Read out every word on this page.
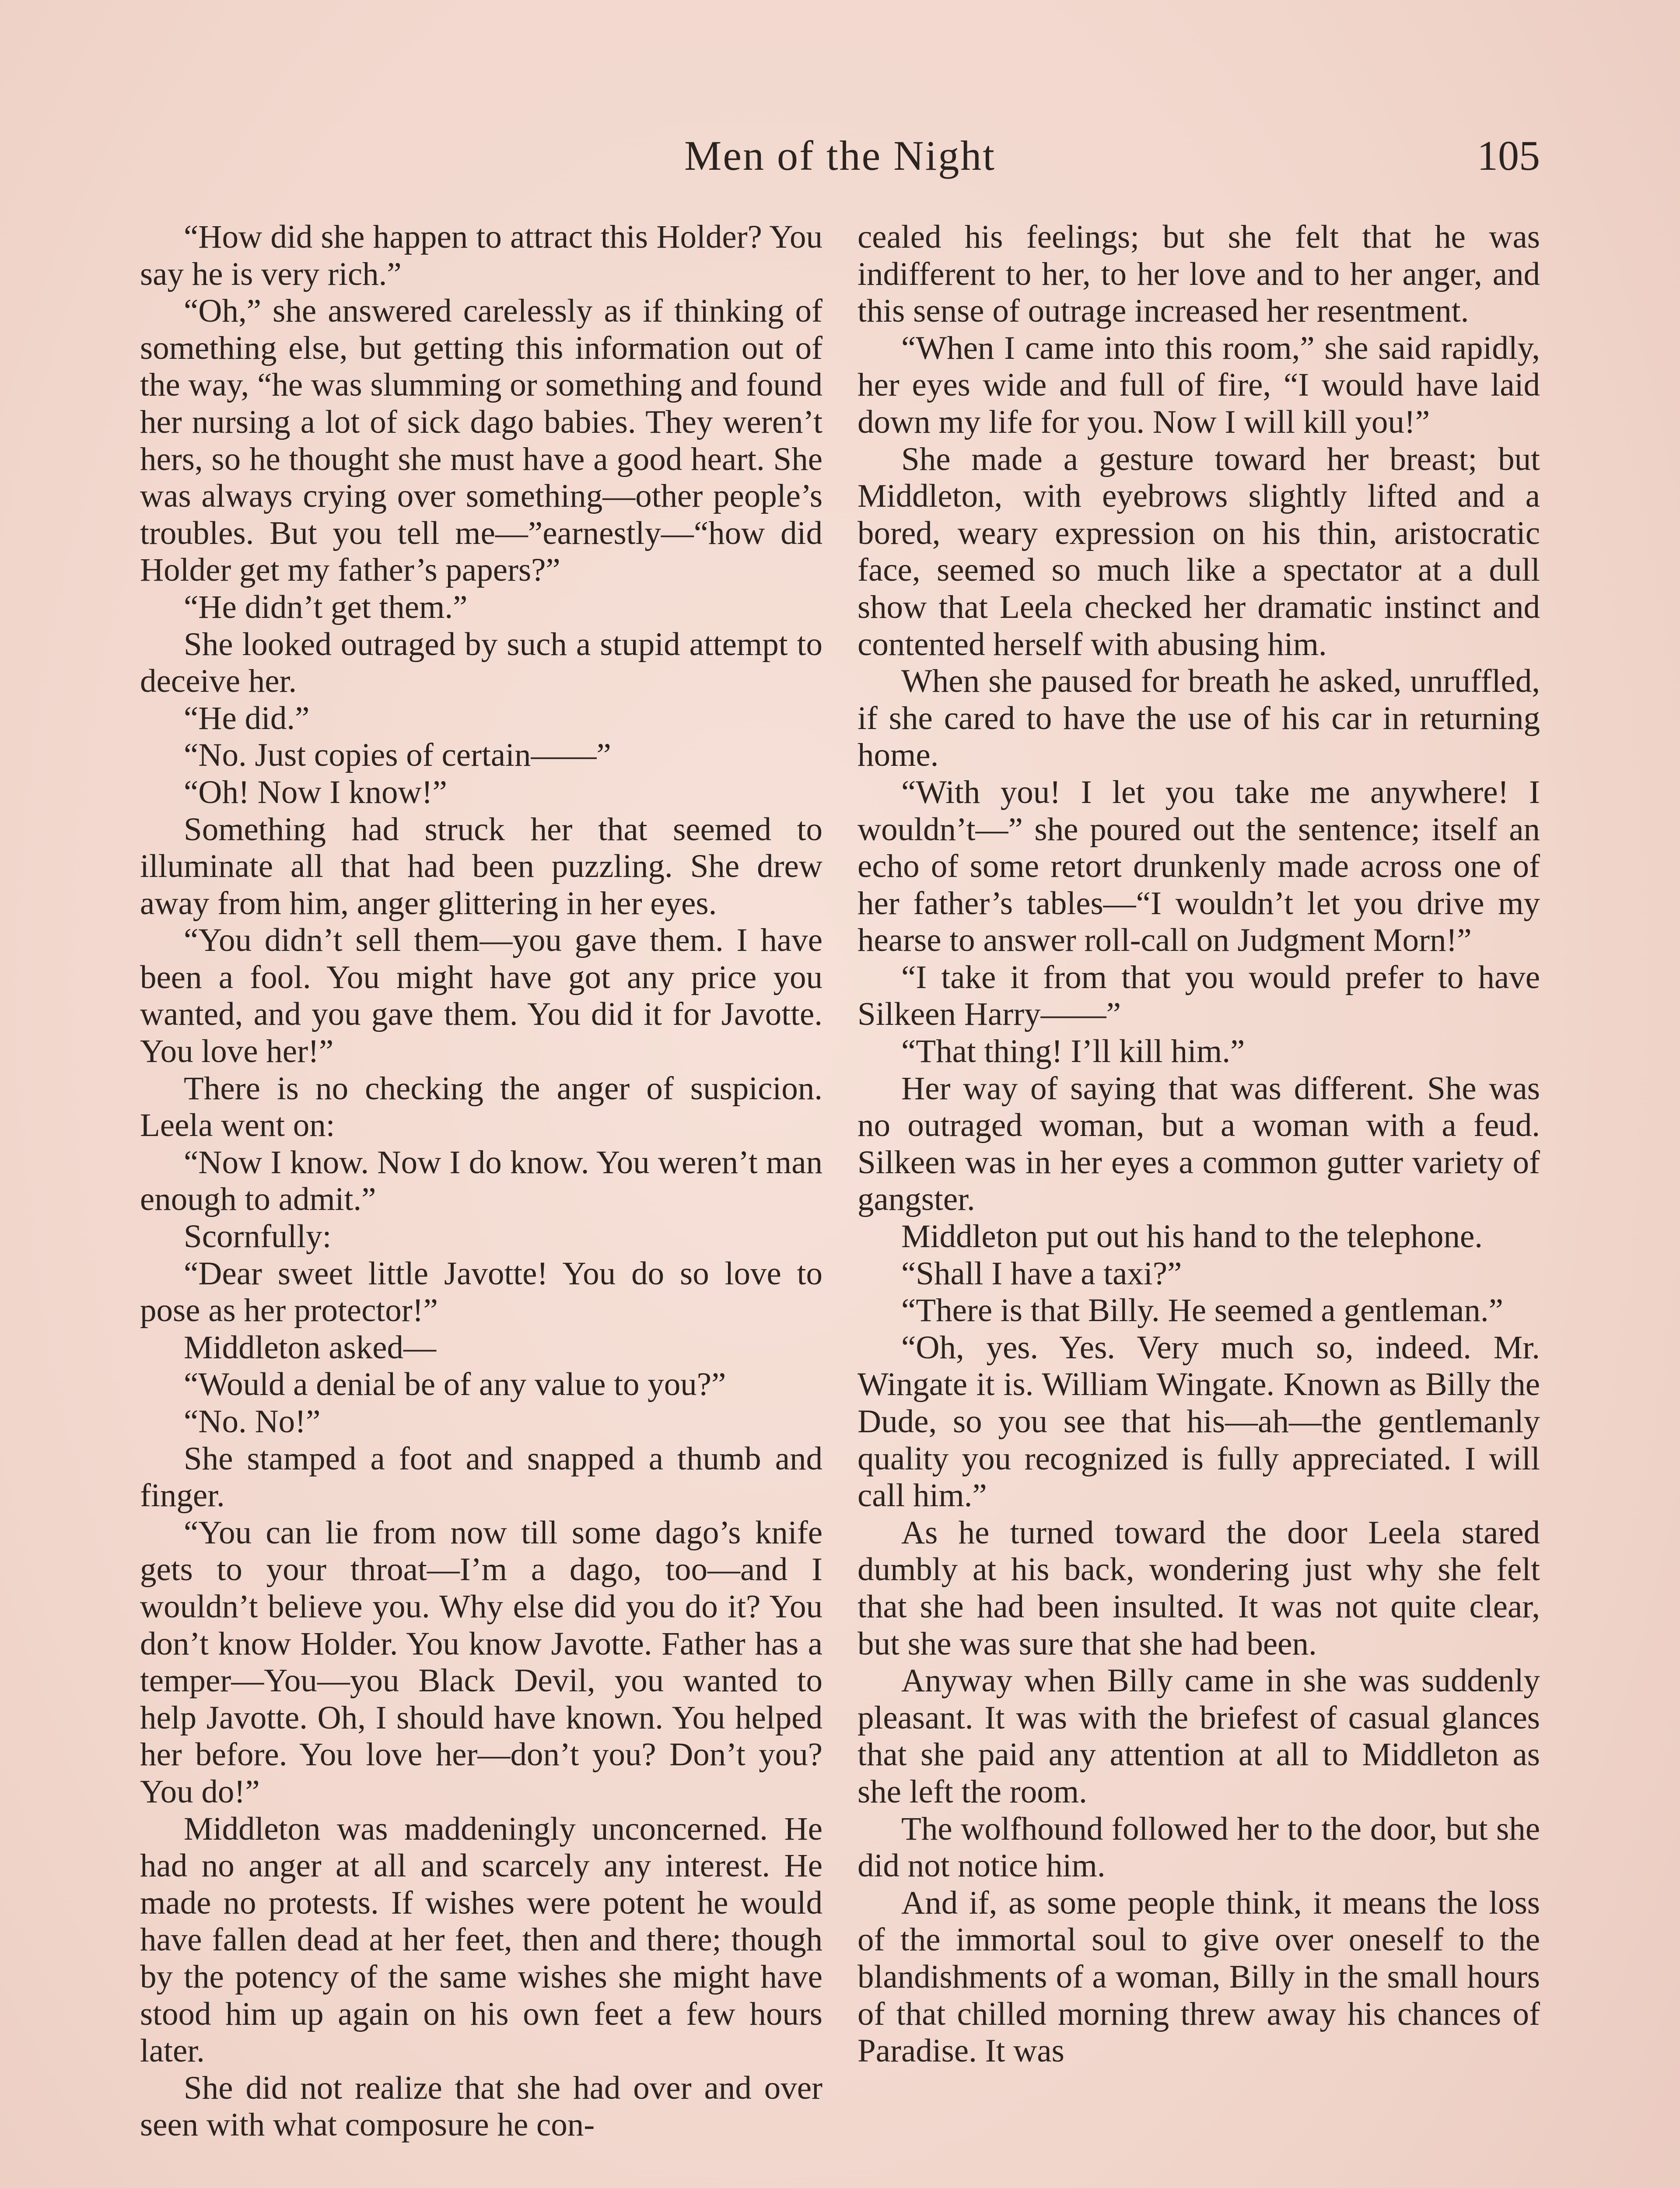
Men of the Night	105

“How did she happen to attract this Holder? You say he is very rich.”

“Oh,” she answered carelessly as if thinking of something else, but getting this information out of the way, “he was slumming or something and found her nursing a lot of sick dago babies. They weren’t hers, so he thought she must have a good heart. She was always crying over something—other people’s troubles. But you tell me—”earnestly—“how did Holder get my father’s papers?”

“He didn’t get them.”

She looked outraged by such a stupid attempt to deceive her.

“He did.”

“No. Just copies of certain——”

“Oh! Now I know!”

Something had struck her that seemed to illuminate all that had been puzzling. She drew away from him, anger glittering in her eyes.

“You didn’t sell them—you gave them. I have been a fool. You might have got any price you wanted, and you gave them. You did it for Javotte. You love her!”

There is no checking the anger of suspicion. Leela went on:

“Now I know. Now I do know. You weren’t man enough to admit.”

Scornfully:

“Dear sweet little Javotte! You do so love to pose as her protector!”

Middleton asked—

“Would a denial be of any value to you?”

“No. No!”

She stamped a foot and snapped a thumb and finger.

“You can lie from now till some dago’s knife gets to your throat—I’m a dago, too—and I wouldn’t believe you. Why else did you do it? You don’t know Holder. You know Javotte. Father has a temper—You—you Black Devil, you wanted to help Javotte. Oh, I should have known. You helped her before. You love her—don’t you? Don’t you? You do!”

Middleton was maddeningly unconcerned. He had no anger at all and scarcely any interest. He made no protests. If wishes were potent he would have fallen dead at her feet, then and there; though by the potency of the same wishes she might have stood him up again on his own feet a few hours later.

She did not realize that she had over and over seen with what composure he con-

cealed his feelings; but she felt that he was indifferent to her, to her love and to her anger, and this sense of outrage increased her resentment.

“When I came into this room,” she said rapidly, her eyes wide and full of fire, “I would have laid down my life for you. Now I will kill you!”

She made a gesture toward her breast; but Middleton, with eyebrows slightly lifted and a bored, weary expression on his thin, aristocratic face, seemed so much like a spectator at a dull show that Leela checked her dramatic instinct and contented herself with abusing him.

When she paused for breath he asked, unruffled, if she cared to have the use of his car in returning home.

“With you! I let you take me anywhere! I wouldn’t—” she poured out the sentence; itself an echo of some retort drunkenly made across one of her father’s tables—“I wouldn’t let you drive my hearse to answer roll-call on Judgment Morn!”

“I take it from that you would prefer to have Silkeen Harry——”

“That thing! I’ll kill him.”

Her way of saying that was different. She was no outraged woman, but a woman with a feud. Silkeen was in her eyes a common gutter variety of gangster.

Middleton put out his hand to the telephone.

“Shall I have a taxi?”

“There is that Billy. He seemed a gentleman.”

“Oh, yes. Yes. Very much so, indeed. Mr. Wingate it is. William Wingate. Known as Billy the Dude, so you see that his—ah—the gentlemanly quality you recognized is fully appreciated. I will call him.”

As he turned toward the door Leela stared dumbly at his back, wondering just why she felt that she had been insulted. It was not quite clear, but she was sure that she had been.

Anyway when Billy came in she was suddenly pleasant. It was with the briefest of casual glances that she paid any attention at all to Middleton as she left the room.

The wolfhound followed her to the door, but she did not notice him.

And if, as some people think, it means the loss of the immortal soul to give over oneself to the blandishments of a woman, Billy in the small hours of that chilled morning threw away his chances of Paradise. It was
